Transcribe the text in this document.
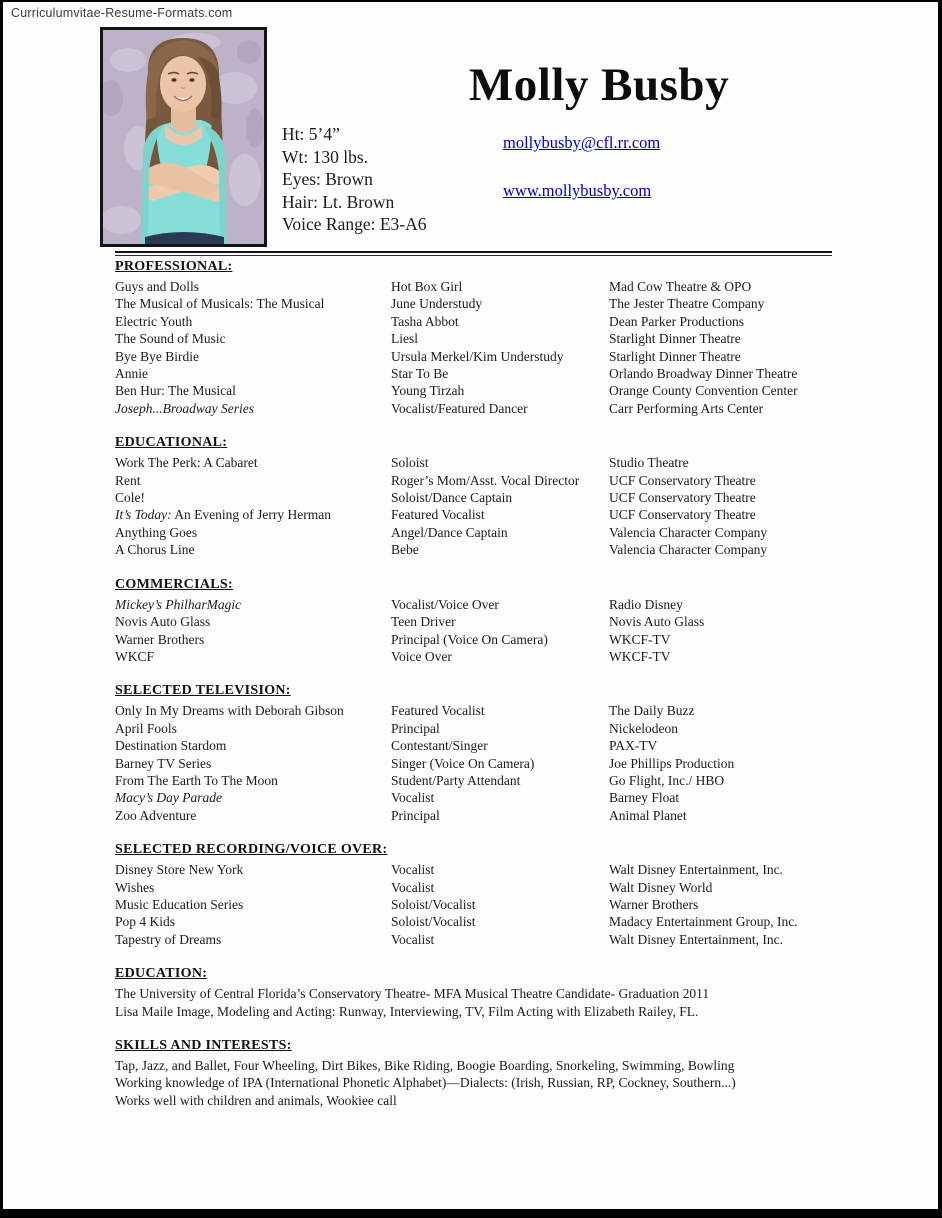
Curriculumvitae-Resume-Formats.com
Molly Busby
Ht: 5’4”
Wt: 130 lbs.
Eyes: Brown
Hair: Lt. Brown
Voice Range: E3-A6
mollybusby@cfl.rr.com
www.mollybusby.com
PROFESSIONAL:
Guys and Dolls	Hot Box Girl	Mad Cow Theatre & OPO
The Musical of Musicals: The Musical	June Understudy	The Jester Theatre Company
Electric Youth	Tasha Abbot	Dean Parker Productions
The Sound of Music	Liesl	Starlight Dinner Theatre
Bye Bye Birdie	Ursula Merkel/Kim Understudy	Starlight Dinner Theatre
Annie	Star To Be	Orlando Broadway Dinner Theatre
Ben Hur: The Musical	Young Tirzah	Orange County Convention Center
Joseph...Broadway Series	Vocalist/Featured Dancer	Carr Performing Arts Center
EDUCATIONAL:
Work The Perk: A Cabaret	Soloist	Studio Theatre
Rent	Roger’s Mom/Asst. Vocal Director	UCF Conservatory Theatre
Cole!	Soloist/Dance Captain	UCF Conservatory Theatre
It’s Today: An Evening of Jerry Herman	Featured Vocalist	UCF Conservatory Theatre
Anything Goes	Angel/Dance Captain	Valencia Character Company
A Chorus Line	Bebe	Valencia Character Company
COMMERCIALS:
Mickey’s PhilharMagic	Vocalist/Voice Over	Radio Disney
Novis Auto Glass	Teen Driver	Novis Auto Glass
Warner Brothers	Principal (Voice On Camera)	WKCF-TV
WKCF	Voice Over	WKCF-TV
SELECTED TELEVISION:
Only In My Dreams with Deborah Gibson	Featured Vocalist	The Daily Buzz
April Fools	Principal	Nickelodeon
Destination Stardom	Contestant/Singer	PAX-TV
Barney TV Series	Singer (Voice On Camera)	Joe Phillips Production
From The Earth To The Moon	Student/Party Attendant	Go Flight, Inc./ HBO
Macy’s Day Parade	Vocalist	Barney Float
Zoo Adventure	Principal	Animal Planet
SELECTED RECORDING/VOICE OVER:
Disney Store New York	Vocalist	Walt Disney Entertainment, Inc.
Wishes	Vocalist	Walt Disney World
Music Education Series	Soloist/Vocalist	Warner Brothers
Pop 4 Kids	Soloist/Vocalist	Madacy Entertainment Group, Inc.
Tapestry of Dreams	Vocalist	Walt Disney Entertainment, Inc.
EDUCATION:
The University of Central Florida’s Conservatory Theatre- MFA Musical Theatre Candidate- Graduation 2011
Lisa Maile Image, Modeling and Acting: Runway, Interviewing, TV, Film Acting with Elizabeth Railey, FL.
SKILLS AND INTERESTS:
Tap, Jazz, and Ballet, Four Wheeling, Dirt Bikes, Bike Riding, Boogie Boarding, Snorkeling, Swimming, Bowling
Working knowledge of IPA (International Phonetic Alphabet)—Dialects: (Irish, Russian, RP, Cockney, Southern...)
Works well with children and animals, Wookiee call
